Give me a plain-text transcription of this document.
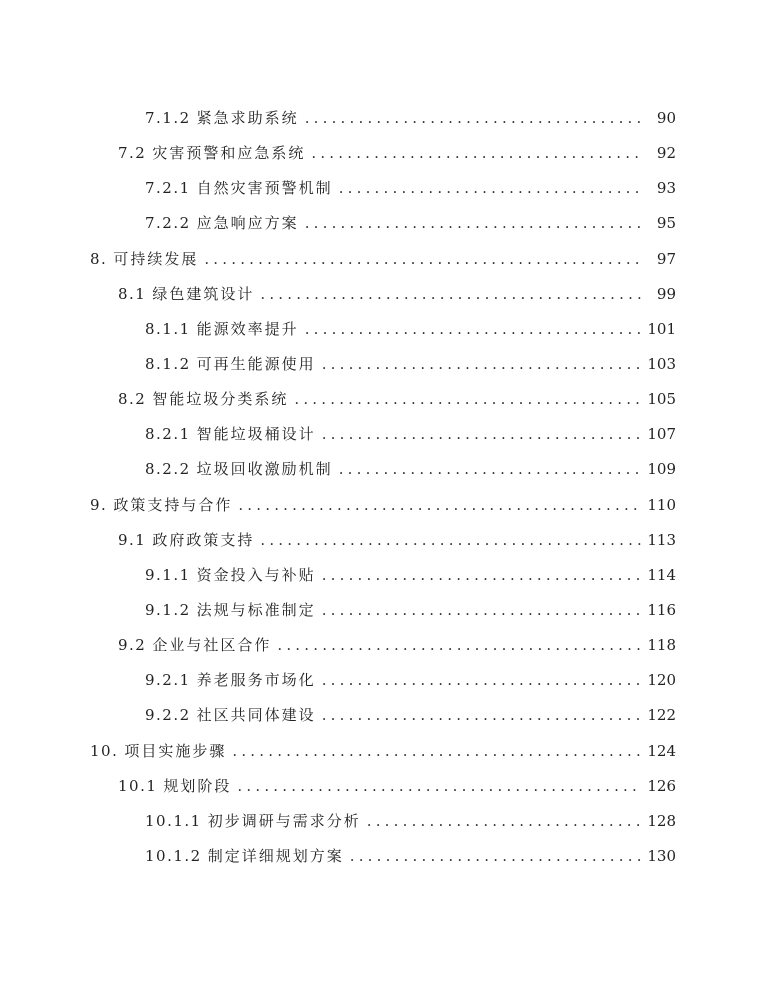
7.1.2 紧急求助系统 .....	90
7.2 灾害预警和应急系统 .....	92
7.2.1 自然灾害预警机制 .....	93
7.2.2 应急响应方案 .....	95
8. 可持续发展 .....	97
8.1 绿色建筑设计 .....	99
8.1.1 能源效率提升 .....	101
8.1.2 可再生能源使用 .....	103
8.2 智能垃圾分类系统 .....	105
8.2.1 智能垃圾桶设计 .....	107
8.2.2 垃圾回收激励机制 .....	109
9. 政策支持与合作 .....	110
9.1 政府政策支持 .....	113
9.1.1 资金投入与补贴 .....	114
9.1.2 法规与标准制定 .....	116
9.2 企业与社区合作 .....	118
9.2.1 养老服务市场化 .....	120
9.2.2 社区共同体建设 .....	122
10. 项目实施步骤 .....	124
10.1 规划阶段 .....	126
10.1.1 初步调研与需求分析 .....	128
10.1.2 制定详细规划方案 .....	130
